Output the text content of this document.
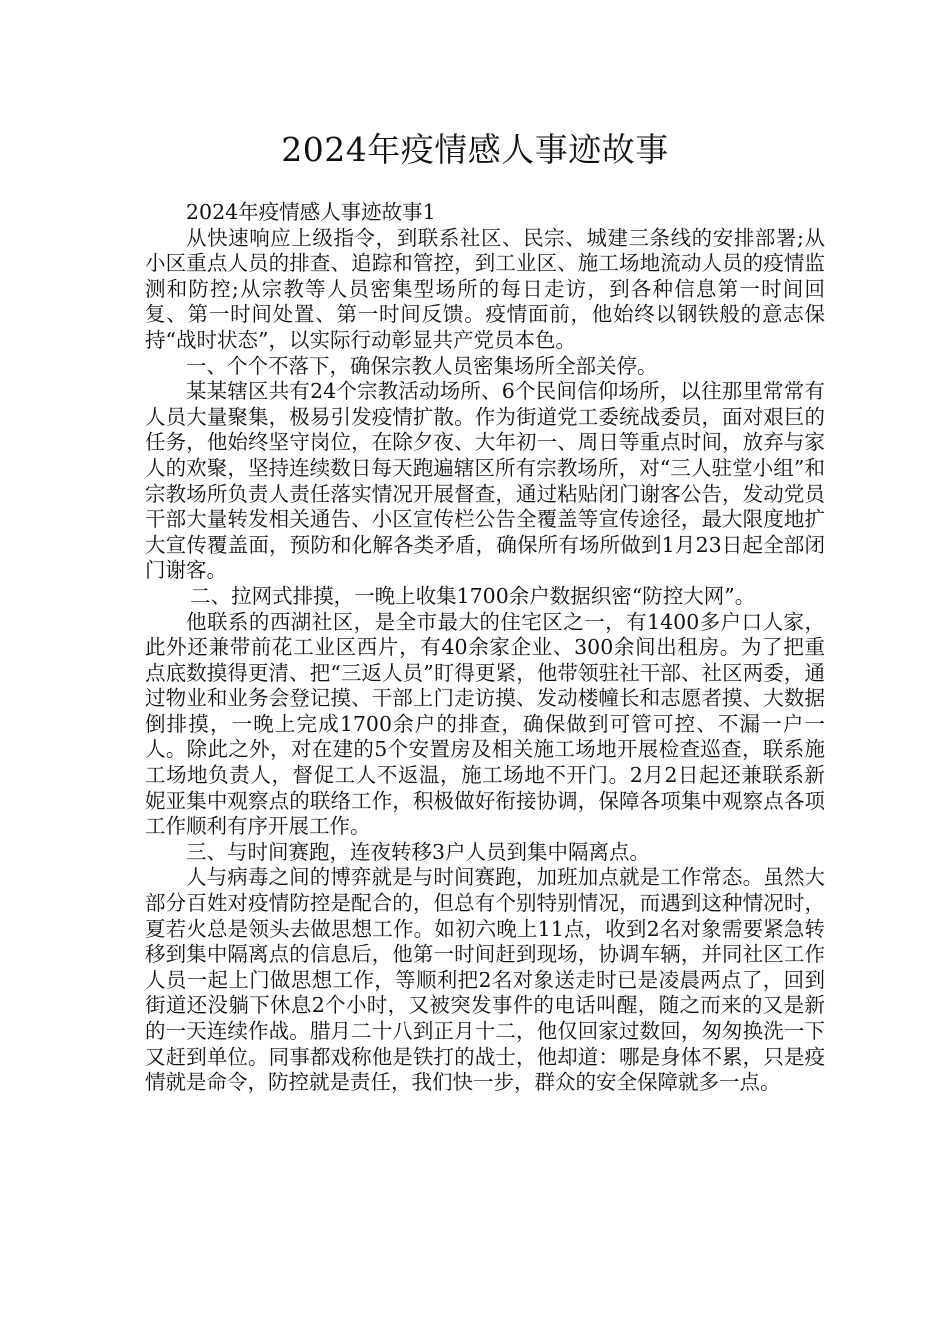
2024年疫情感人事迹故事

2024年疫情感人事迹故事1

从快速响应上级指令，到联系社区、民宗、城建三条线的安排部署;从小区重点人员的排查、追踪和管控，到工业区、施工场地流动人员的疫情监测和防控;从宗教等人员密集型场所的每日走访，到各种信息第一时间回复、第一时间处置、第一时间反馈。疫情面前，他始终以钢铁般的意志保持“战时状态”，以实际行动彰显共产党员本色。

一、个个不落下，确保宗教人员密集场所全部关停。

某某辖区共有24个宗教活动场所、6个民间信仰场所，以往那里常常有人员大量聚集，极易引发疫情扩散。作为街道党工委统战委员，面对艰巨的任务，他始终坚守岗位，在除夕夜、大年初一、周日等重点时间，放弃与家人的欢聚，坚持连续数日每天跑遍辖区所有宗教场所，对“三人驻堂小组”和宗教场所负责人责任落实情况开展督查，通过粘贴闭门谢客公告，发动党员干部大量转发相关通告、小区宣传栏公告全覆盖等宣传途径，最大限度地扩大宣传覆盖面，预防和化解各类矛盾，确保所有场所做到1月23日起全部闭门谢客。

二、拉网式排摸，一晚上收集1700余户数据织密“防控大网”。

他联系的西湖社区，是全市最大的住宅区之一，有1400多户口人家，此外还兼带前花工业区西片，有40余家企业、300余间出租房。为了把重点底数摸得更清、把“三返人员”盯得更紧，他带领驻社干部、社区两委，通过物业和业务会登记摸、干部上门走访摸、发动楼幢长和志愿者摸、大数据倒排摸，一晚上完成1700余户的排查，确保做到可管可控、不漏一户一人。除此之外，对在建的5个安置房及相关施工场地开展检查巡查，联系施工场地负责人，督促工人不返温，施工场地不开门。2月2日起还兼联系新妮亚集中观察点的联络工作，积极做好衔接协调，保障各项集中观察点各项工作顺利有序开展工作。

三、与时间赛跑，连夜转移3户人员到集中隔离点。

人与病毒之间的博弈就是与时间赛跑，加班加点就是工作常态。虽然大部分百姓对疫情防控是配合的，但总有个别特别情况，而遇到这种情况时，夏若火总是领头去做思想工作。如初六晚上11点，收到2名对象需要紧急转移到集中隔离点的信息后，他第一时间赶到现场，协调车辆，并同社区工作人员一起上门做思想工作，等顺利把2名对象送走时已是凌晨两点了，回到街道还没躺下休息2个小时，又被突发事件的电话叫醒，随之而来的又是新的一天连续作战。腊月二十八到正月十二，他仅回家过数回，匆匆换洗一下又赶到单位。同事都戏称他是铁打的战士，他却道：哪是身体不累，只是疫情就是命令，防控就是责任，我们快一步，群众的安全保障就多一点。
